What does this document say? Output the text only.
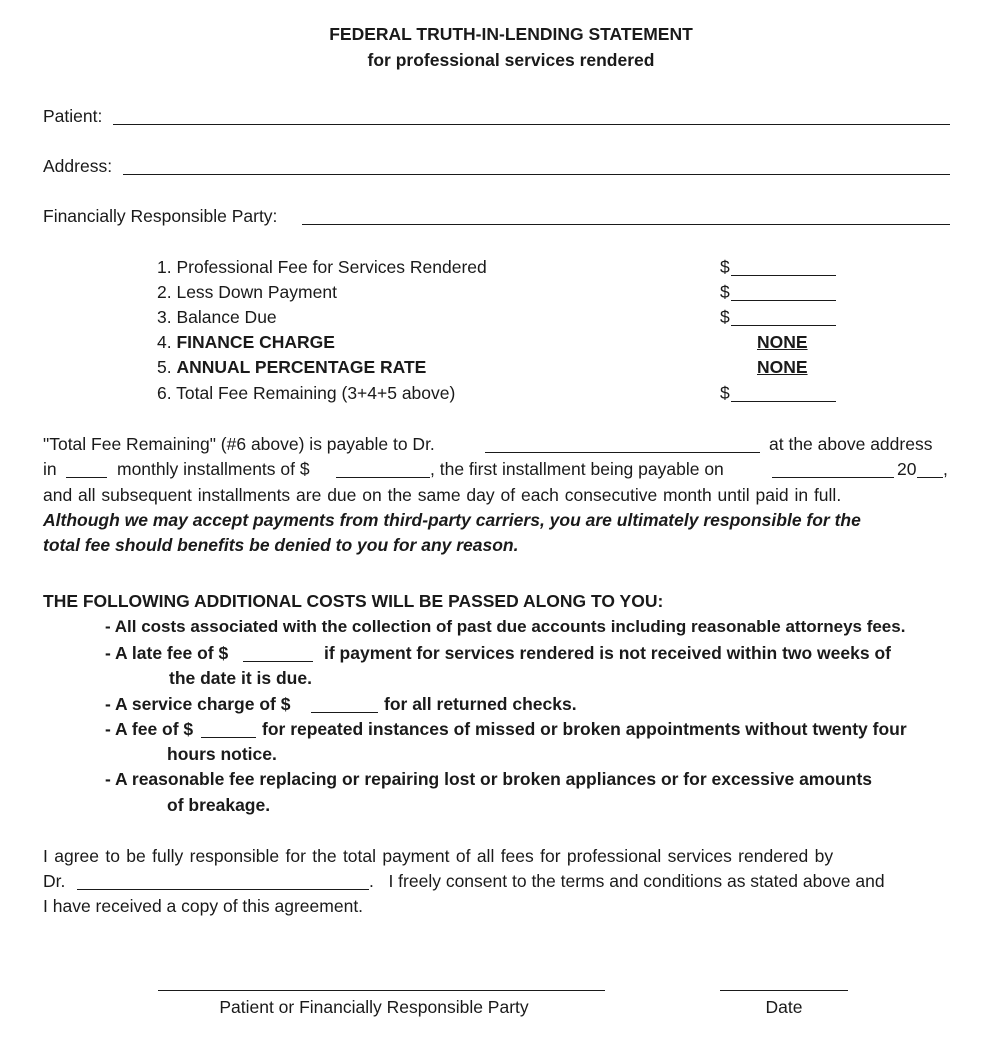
FEDERAL TRUTH-IN-LENDING STATEMENT
for professional services rendered
Patient:
Address:
Financially Responsible Party:
1. Professional Fee for Services Rendered	$
2. Less Down Payment	$
3. Balance Due	$
4. FINANCE CHARGE	NONE
5. ANNUAL PERCENTAGE RATE	NONE
6. Total Fee Remaining (3+4+5 above)	$
"Total Fee Remaining" (#6 above) is payable to Dr.	at the above address
in	monthly installments of $	, the first installment being payable on	20 ,
and all subsequent installments are due on the same day of each consecutive month until paid in full.
Although we may accept payments from third-party carriers, you are ultimately responsible for the
total fee should benefits be denied to you for any reason.
THE FOLLOWING ADDITIONAL COSTS WILL BE PASSED ALONG TO YOU:
- All costs associated with the collection of past due accounts including reasonable attorneys fees.
- A late fee of $	if payment for services rendered is not received within two weeks of
the date it is due.
- A service charge of $	for all returned checks.
- A fee of $	for repeated instances of missed or broken appointments without twenty four
hours notice.
- A reasonable fee replacing or repairing lost or broken appliances or for excessive amounts
of breakage.
I agree to be fully responsible for the total payment of all fees for professional services rendered by
Dr.	.   I freely consent to the terms and conditions as stated above and
I have received a copy of this agreement.
Patient or Financially Responsible Party	Date
